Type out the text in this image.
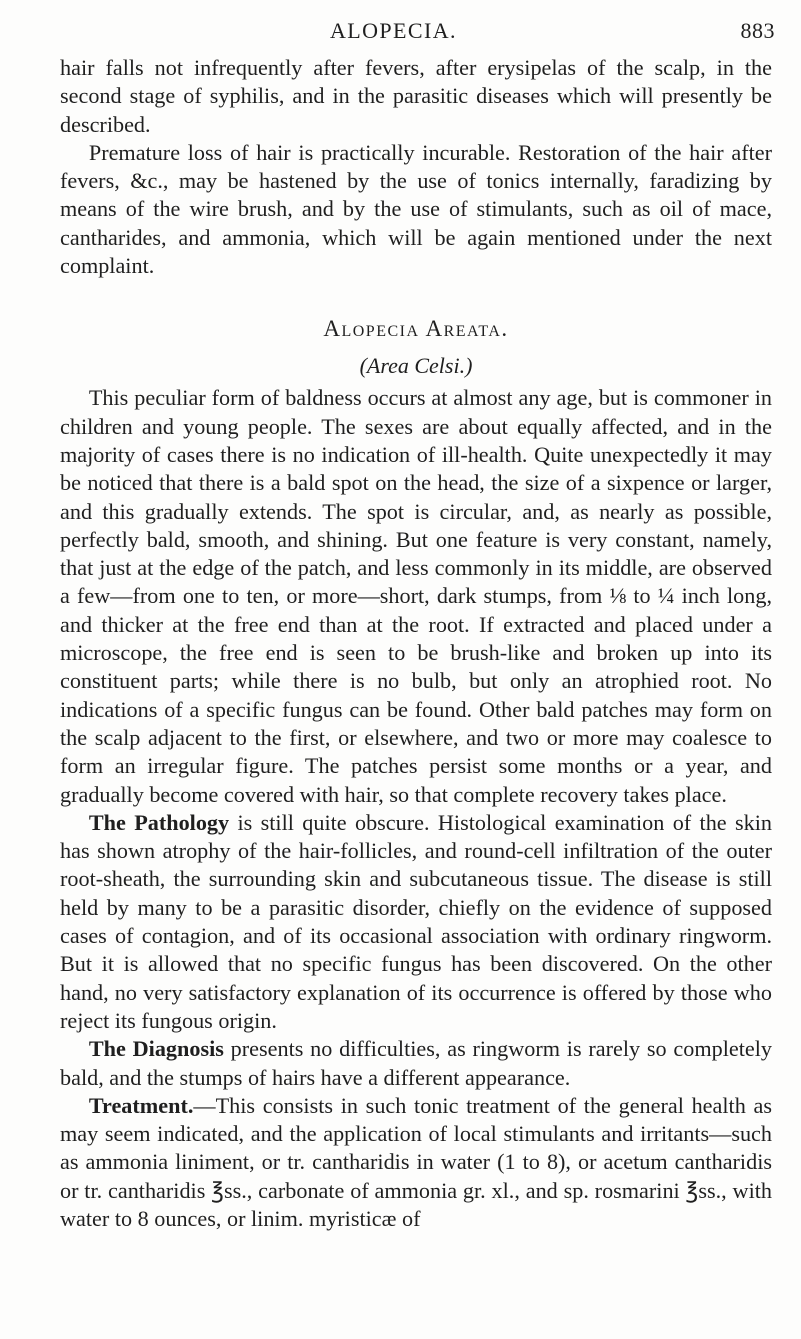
ALOPECIA.	883

hair falls not infrequently after fevers, after erysipelas of the scalp, in the second stage of syphilis, and in the parasitic diseases which will presently be described.

Premature loss of hair is practically incurable. Restoration of the hair after fevers, &c., may be hastened by the use of tonics internally, faradizing by means of the wire brush, and by the use of stimulants, such as oil of mace, cantharides, and ammonia, which will be again mentioned under the next complaint.

Alopecia Areata.
(Area Celsi.)

This peculiar form of baldness occurs at almost any age, but is commoner in children and young people. The sexes are about equally affected, and in the majority of cases there is no indication of ill-health. Quite unexpectedly it may be noticed that there is a bald spot on the head, the size of a sixpence or larger, and this gradually extends. The spot is circular, and, as nearly as possible, perfectly bald, smooth, and shining. But one feature is very constant, namely, that just at the edge of the patch, and less commonly in its middle, are observed a few—from one to ten, or more—short, dark stumps, from ⅛ to ¼ inch long, and thicker at the free end than at the root. If extracted and placed under a microscope, the free end is seen to be brush-like and broken up into its constituent parts; while there is no bulb, but only an atrophied root. No indications of a specific fungus can be found. Other bald patches may form on the scalp adjacent to the first, or elsewhere, and two or more may coalesce to form an irregular figure. The patches persist some months or a year, and gradually become covered with hair, so that complete recovery takes place.

The Pathology is still quite obscure. Histological examination of the skin has shown atrophy of the hair-follicles, and round-cell infiltration of the outer root-sheath, the surrounding skin and subcutaneous tissue. The disease is still held by many to be a parasitic disorder, chiefly on the evidence of supposed cases of contagion, and of its occasional association with ordinary ringworm. But it is allowed that no specific fungus has been discovered. On the other hand, no very satisfactory explanation of its occurrence is offered by those who reject its fungous origin.

The Diagnosis presents no difficulties, as ringworm is rarely so completely bald, and the stumps of hairs have a different appearance.

Treatment.—This consists in such tonic treatment of the general health as may seem indicated, and the application of local stimulants and irritants—such as ammonia liniment, or tr. cantharidis in water (1 to 8), or acetum cantharidis or tr. cantharidis ℥ss., carbonate of ammonia gr. xl., and sp. rosmarini ℥ss., with water to 8 ounces, or linim. myristicæ of
